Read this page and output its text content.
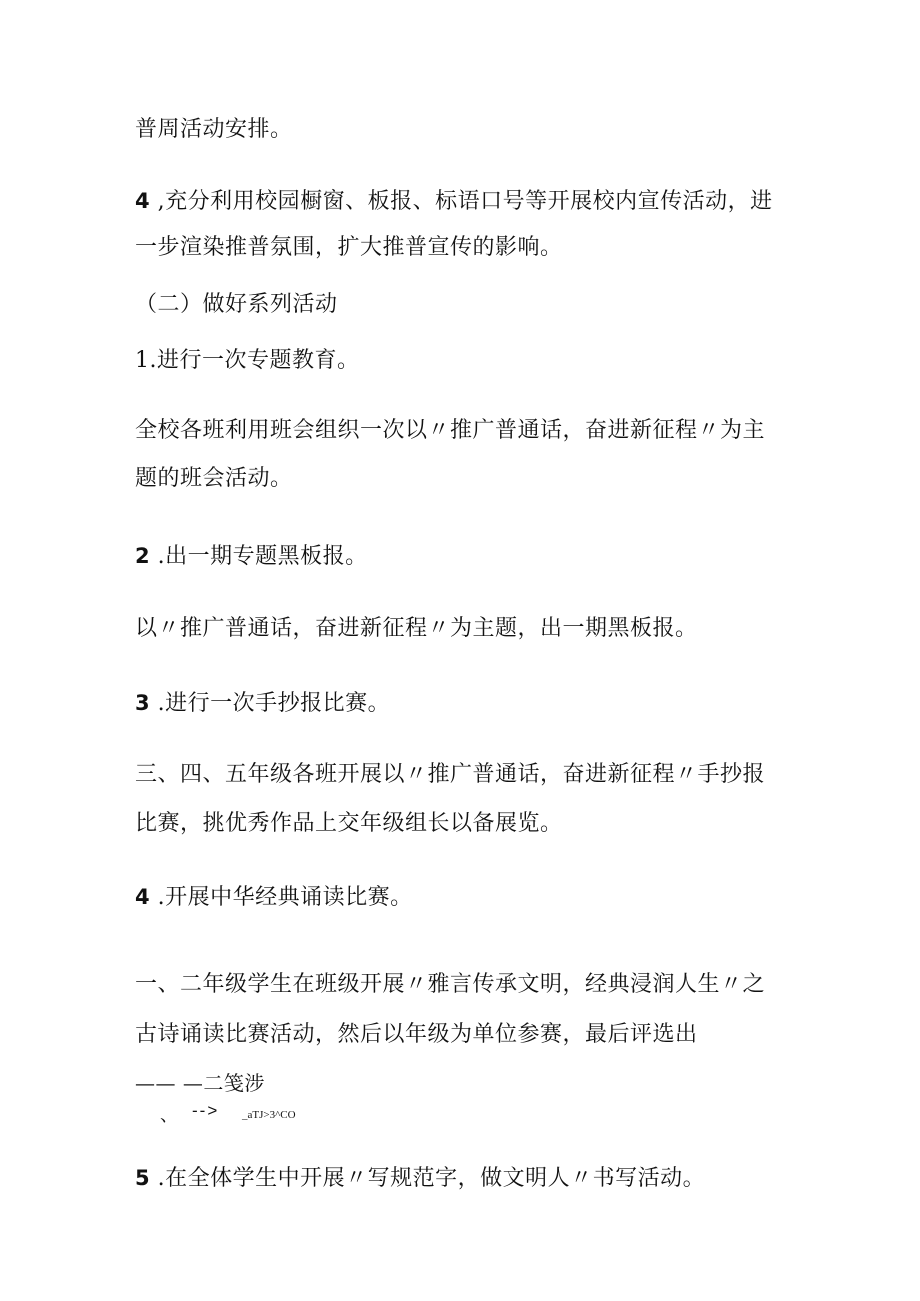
普周活动安排。
4 ,充分利用校园橱窗、板报、标语口号等开展校内宣传活动，进
一步渲染推普氛围，扩大推普宣传的影响。
（二）做好系列活动
1.进行一次专题教育。
全校各班利用班会组织一次以〃推广普通话，奋进新征程〃为主
题的班会活动。
2 .出一期专题黑板报。
以〃推广普通话，奋进新征程〃为主题，出一期黑板报。
3 .进行一次手抄报比赛。
三、四、五年级各班开展以〃推广普通话，奋进新征程〃手抄报
比赛，挑优秀作品上交年级组长以备展览。
4 .开展中华经典诵读比赛。
一、二年级学生在班级开展〃雅言传承文明，经典浸润人生〃之
古诗诵读比赛活动，然后以年级为单位参赛，最后评选出
—— —二笺涉
、 --> _aTJ>3^CO
5 .在全体学生中开展〃写规范字，做文明人〃书写活动。
